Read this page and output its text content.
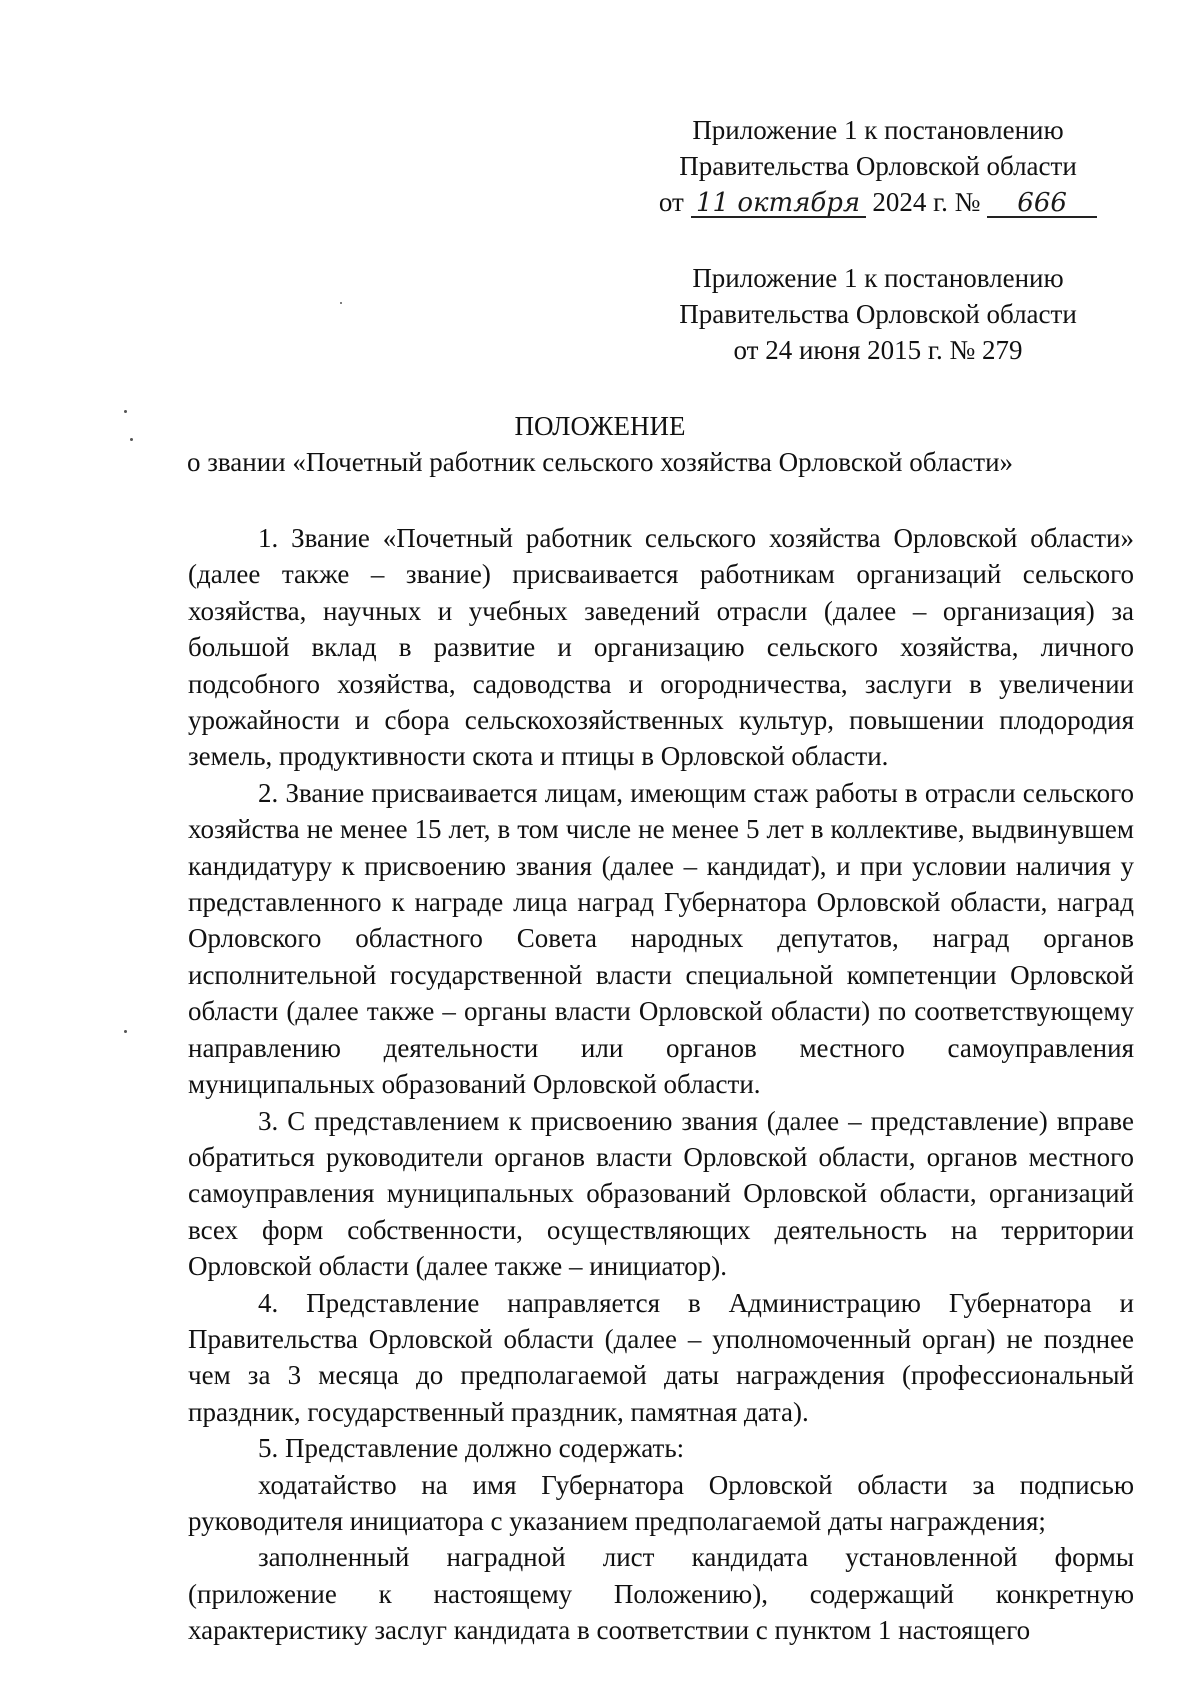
Приложение 1 к постановлению
Правительства Орловской области
от 11 октября 2024 г. № 666
Приложение 1 к постановлению
Правительства Орловской области
от 24 июня 2015 г. № 279
ПОЛОЖЕНИЕ
о звании «Почетный работник сельского хозяйства Орловской области»

1. Звание «Почетный работник сельского хозяйства Орловской области» (далее также – звание) присваивается работникам организаций сельского хозяйства, научных и учебных заведений отрасли (далее – организация) за большой вклад в развитие и организацию сельского хозяйства, личного подсобного хозяйства, садоводства и огородничества, заслуги в увеличении урожайности и сбора сельскохозяйственных культур, повышении плодородия земель, продуктивности скота и птицы в Орловской области.

2. Звание присваивается лицам, имеющим стаж работы в отрасли сельского хозяйства не менее 15 лет, в том числе не менее 5 лет в коллективе, выдвинувшем кандидатуру к присвоению звания (далее – кандидат), и при условии наличия у представленного к награде лица наград Губернатора Орловской области, наград Орловского областного Совета народных депутатов, наград органов исполнительной государственной власти специальной компетенции Орловской области (далее также – органы власти Орловской области) по соответствующему направлению деятельности или органов местного самоуправления муниципальных образований Орловской области.

3. С представлением к присвоению звания (далее – представление) вправе обратиться руководители органов власти Орловской области, органов местного самоуправления муниципальных образований Орловской области, организаций всех форм собственности, осуществляющих деятельность на территории Орловской области (далее также – инициатор).

4. Представление направляется в Администрацию Губернатора и Правительства Орловской области (далее – уполномоченный орган) не позднее чем за 3 месяца до предполагаемой даты награждения (профессиональный праздник, государственный праздник, памятная дата).

5. Представление должно содержать:

ходатайство на имя Губернатора Орловской области за подписью руководителя инициатора с указанием предполагаемой даты награждения;

заполненный наградной лист кандидата установленной формы (приложение к настоящему Положению), содержащий конкретную характеристику заслуг кандидата в соответствии с пунктом 1 настоящего
